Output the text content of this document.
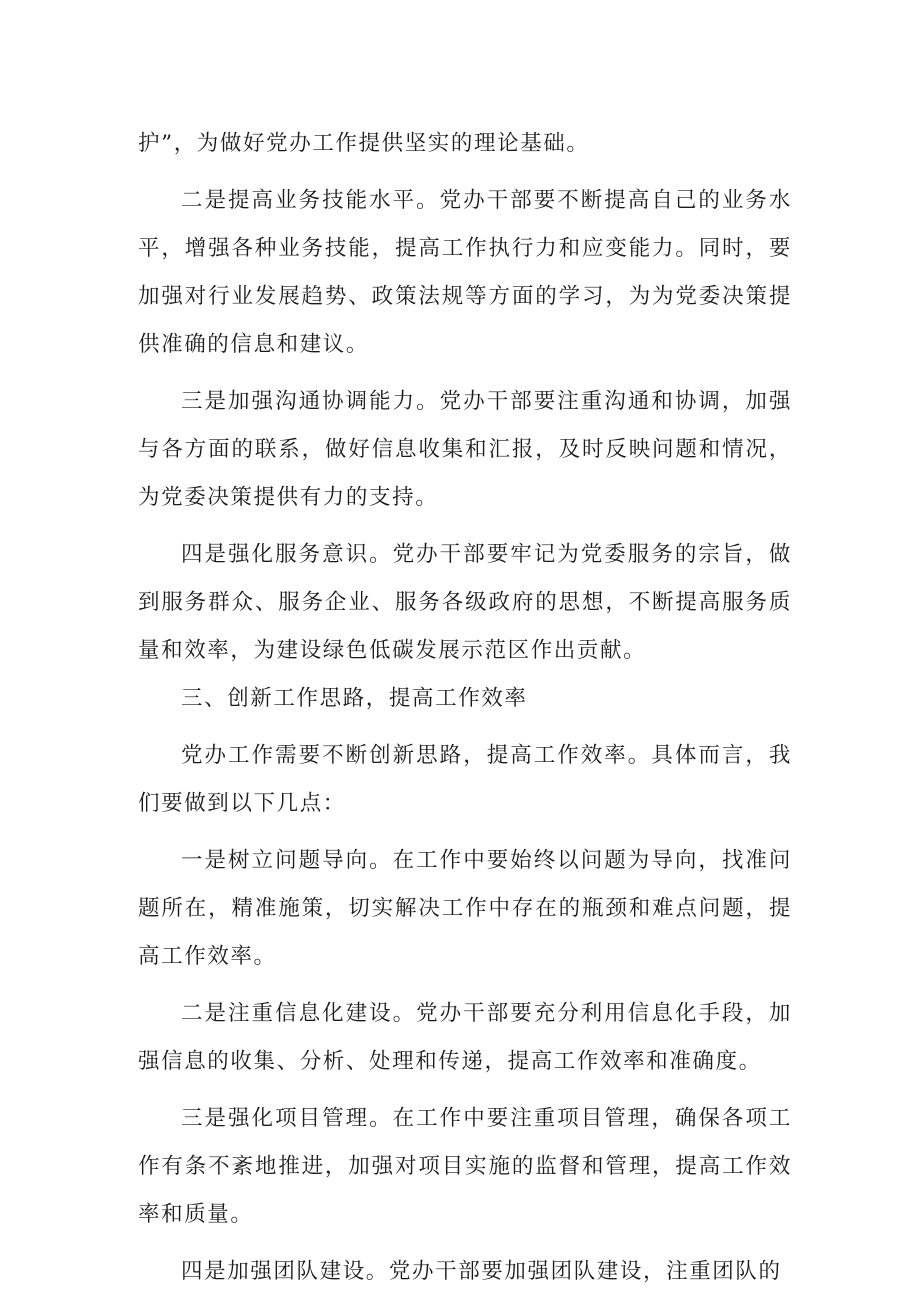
护”，为做好党办工作提供坚实的理论基础。

二是提高业务技能水平。党办干部要不断提高自己的业务水平，增强各种业务技能，提高工作执行力和应变能力。同时，要加强对行业发展趋势、政策法规等方面的学习，为为党委决策提供准确的信息和建议。

三是加强沟通协调能力。党办干部要注重沟通和协调，加强与各方面的联系，做好信息收集和汇报，及时反映问题和情况，为党委决策提供有力的支持。

四是强化服务意识。党办干部要牢记为党委服务的宗旨，做到服务群众、服务企业、服务各级政府的思想，不断提高服务质量和效率，为建设绿色低碳发展示范区作出贡献。

三、创新工作思路，提高工作效率

党办工作需要不断创新思路，提高工作效率。具体而言，我们要做到以下几点：

一是树立问题导向。在工作中要始终以问题为导向，找准问题所在，精准施策，切实解决工作中存在的瓶颈和难点问题，提高工作效率。

二是注重信息化建设。党办干部要充分利用信息化手段，加强信息的收集、分析、处理和传递，提高工作效率和准确度。

三是强化项目管理。在工作中要注重项目管理，确保各项工作有条不紊地推进，加强对项目实施的监督和管理，提高工作效率和质量。

四是加强团队建设。党办干部要加强团队建设，注重团队的
